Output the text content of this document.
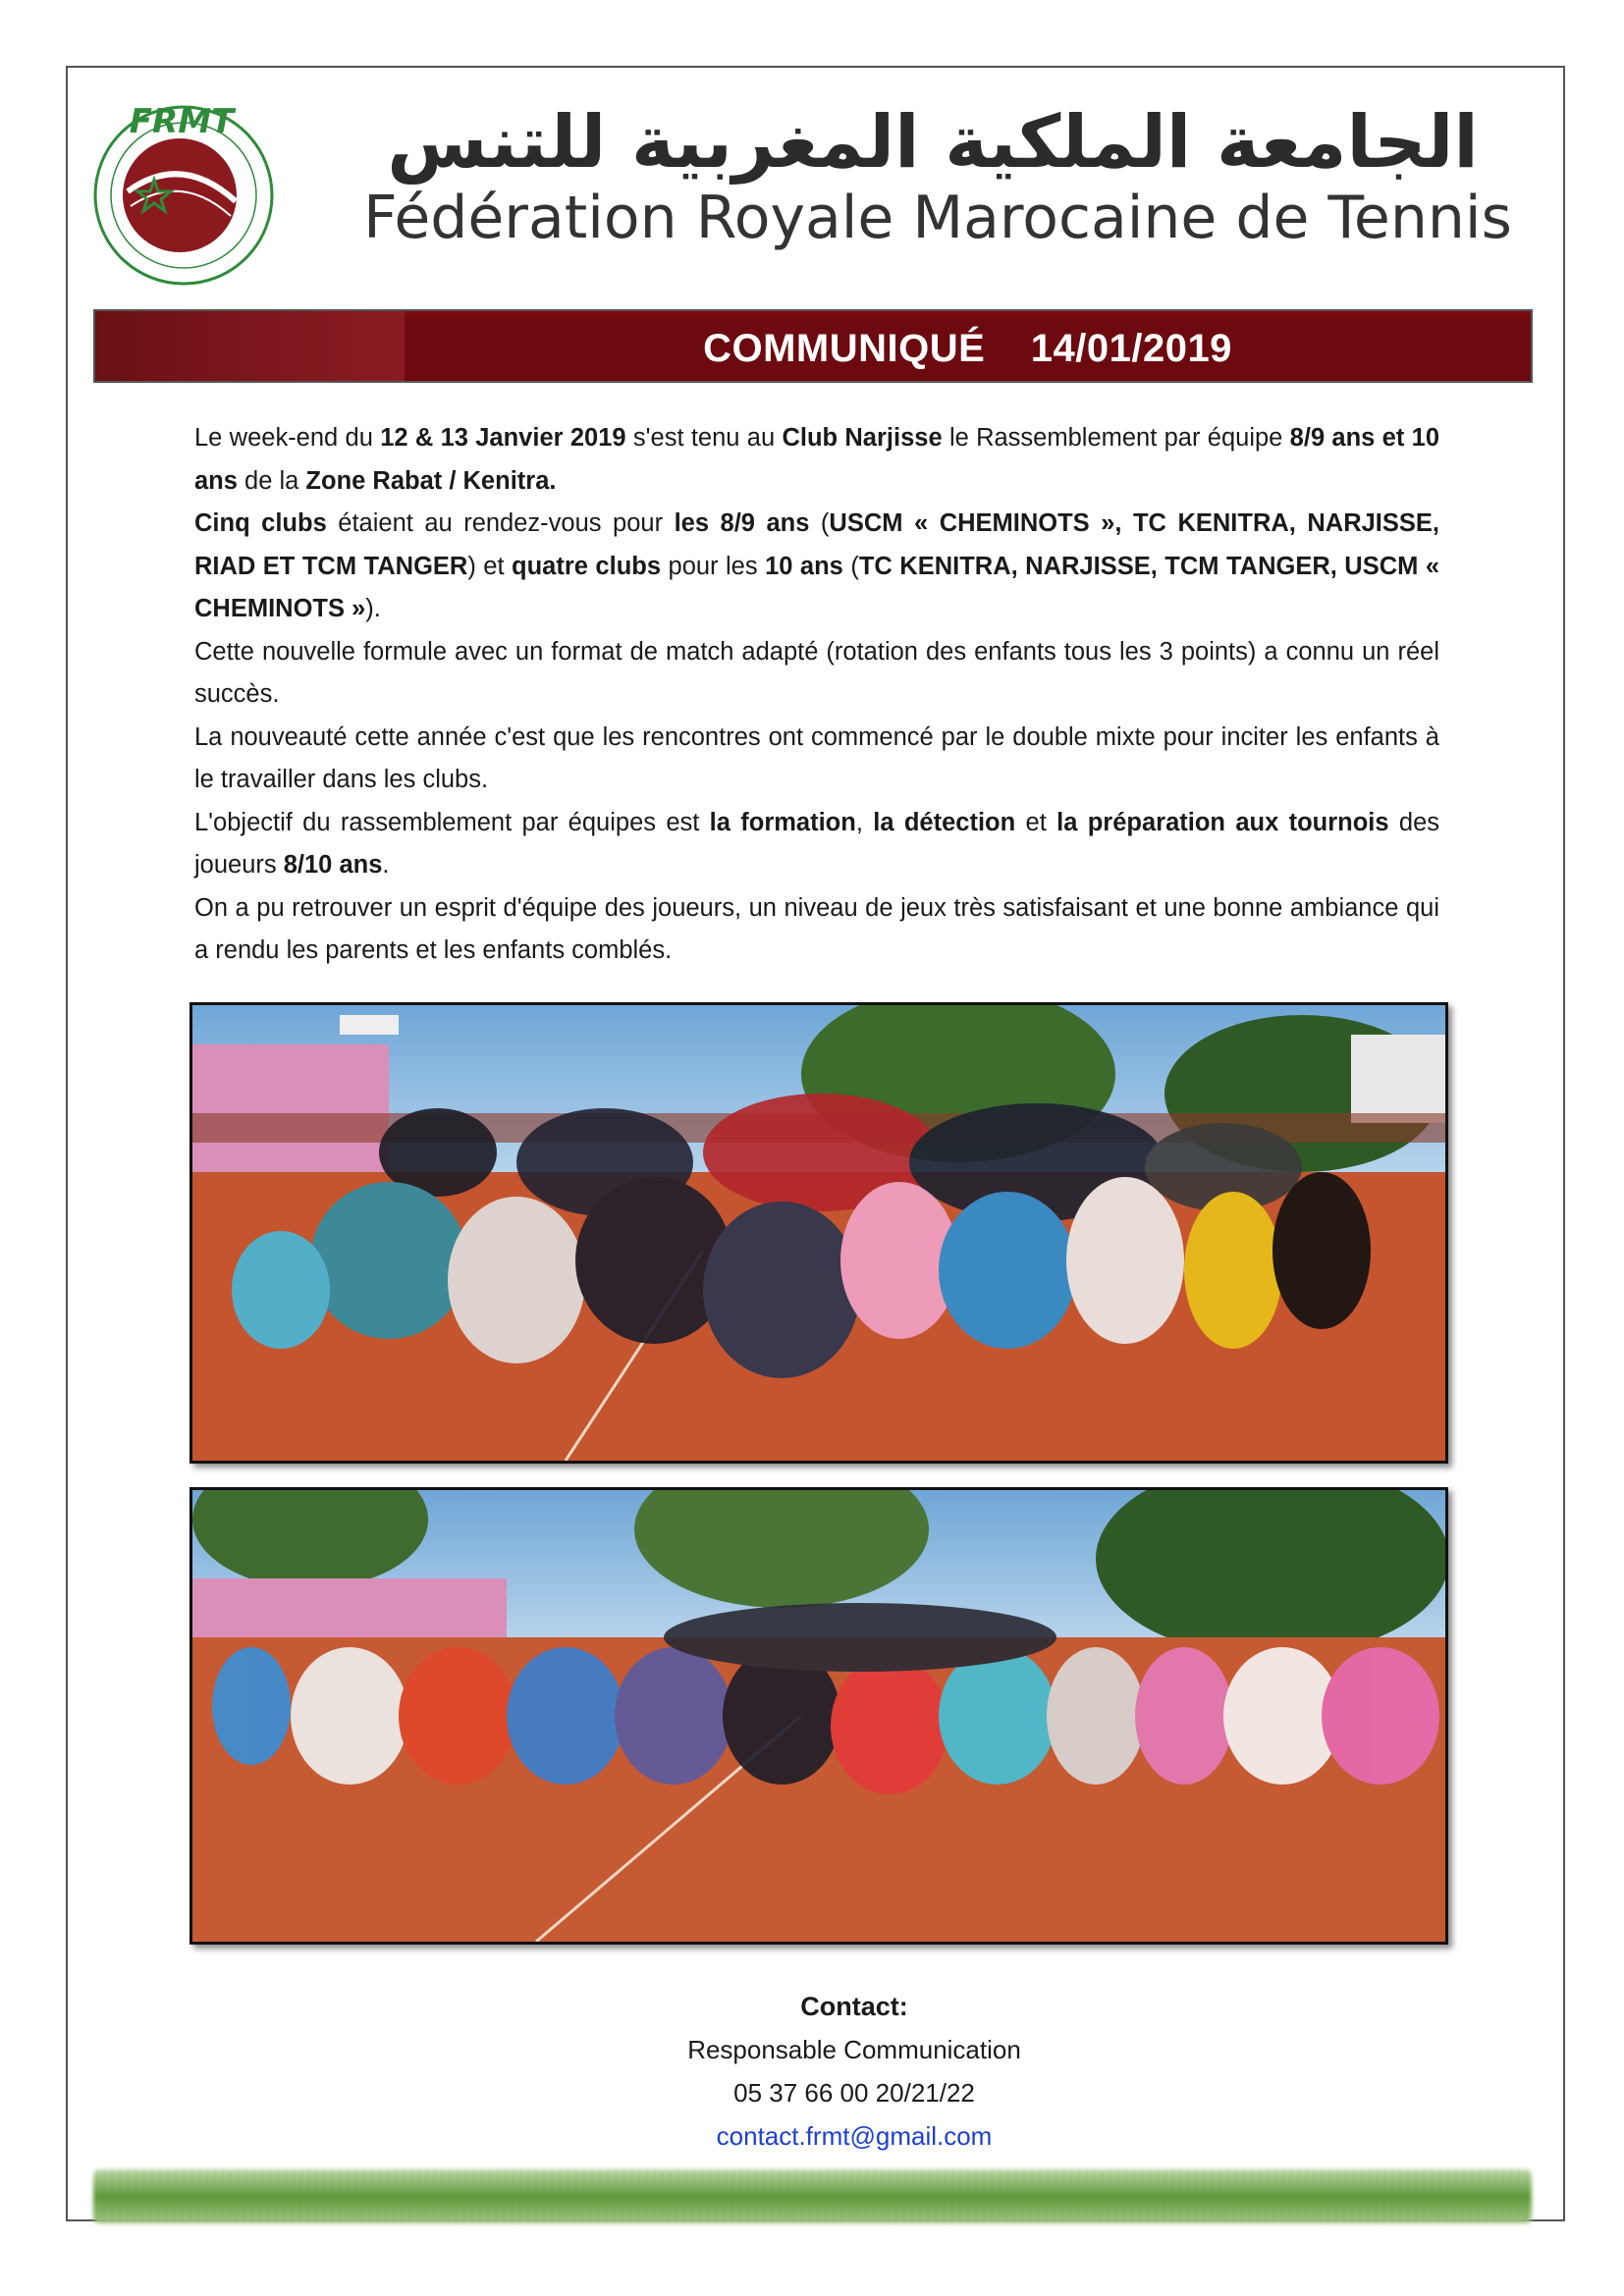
FRMT	الجامعة الملكية المغربية للتنس
Fédération Royale Marocaine de Tennis
COMMUNIQUÉ 14/01/2019

Le week-end du 12 & 13 Janvier 2019 s'est tenu au Club Narjisse le Rassemblement par équipe 8/9 ans et 10 ans de la Zone Rabat / Kenitra.

Cinq clubs étaient au rendez-vous pour les 8/9 ans (USCM « CHEMINOTS », TC KENITRA, NARJISSE, RIAD ET TCM TANGER) et quatre clubs pour les 10 ans (TC KENITRA, NARJISSE, TCM TANGER, USCM « CHEMINOTS »).

Cette nouvelle formule avec un format de match adapté (rotation des enfants tous les 3 points) a connu un réel succès.

La nouveauté cette année c'est que les rencontres ont commencé par le double mixte pour inciter les enfants à le travailler dans les clubs.

L'objectif du rassemblement par équipes est la formation, la détection et la préparation aux tournois des joueurs 8/10 ans.

On a pu retrouver un esprit d'équipe des joueurs, un niveau de jeux très satisfaisant et une bonne ambiance qui a rendu les parents et les enfants comblés.

Contact:
Responsable Communication
05 37 66 00 20/21/22
contact.frmt@gmail.com
